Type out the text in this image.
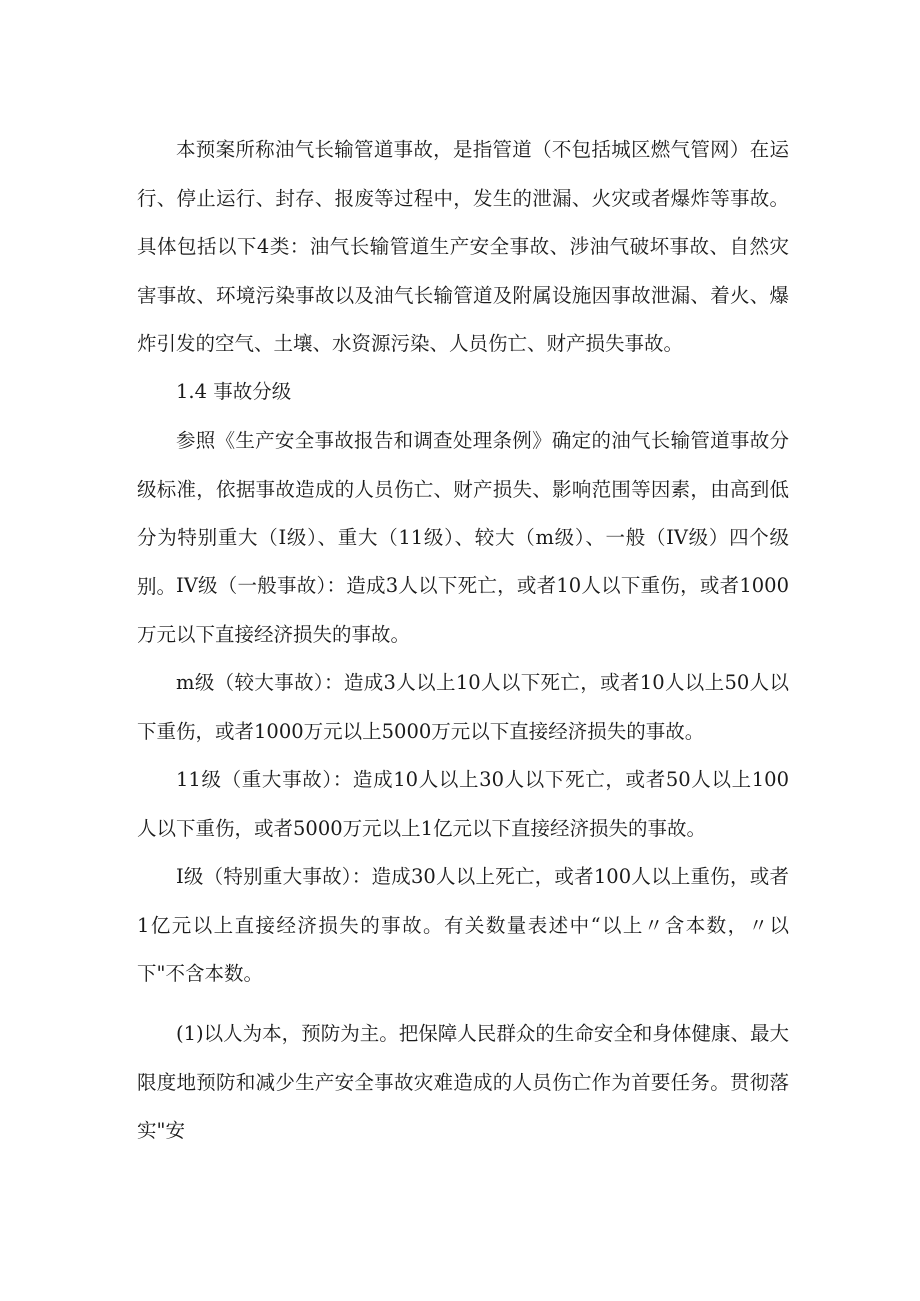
本预案所称油气长输管道事故，是指管道（不包括城区燃气管网）在运行、停止运行、封存、报废等过程中，发生的泄漏、火灾或者爆炸等事故。具体包括以下4类：油气长输管道生产安全事故、涉油气破坏事故、自然灾害事故、环境污染事故以及油气长输管道及附属设施因事故泄漏、着火、爆炸引发的空气、土壤、水资源污染、人员伤亡、财产损失事故。

1.4 事故分级

参照《生产安全事故报告和调查处理条例》确定的油气长输管道事故分级标准，依据事故造成的人员伤亡、财产损失、影响范围等因素，由高到低分为特别重大（I级）、重大（11级）、较大（m级）、一般（IV级）四个级别。 IV级（一般事故）：造成3人以下死亡，或者10人以下重伤，或者1000万元以下直接经济损失的事故。

m级（较大事故）：造成3人以上10人以下死亡，或者10人以上50人以下重伤，或者1000万元以上5000万元以下直接经济损失的事故。

11级（重大事故）：造成10人以上30人以下死亡，或者50人以上100人以下重伤，或者5000万元以上1亿元以下直接经济损失的事故。

I级（特别重大事故）：造成30人以上死亡，或者100人以上重伤，或者1亿元以上直接经济损失的事故。有关数量表述中“以上〃含本数，〃以下"不含本数。

(1)以人为本，预防为主。把保障人民群众的生命安全和身体健康、最大限度地预防和减少生产安全事故灾难造成的人员伤亡作为首要任务。贯彻落实"安
